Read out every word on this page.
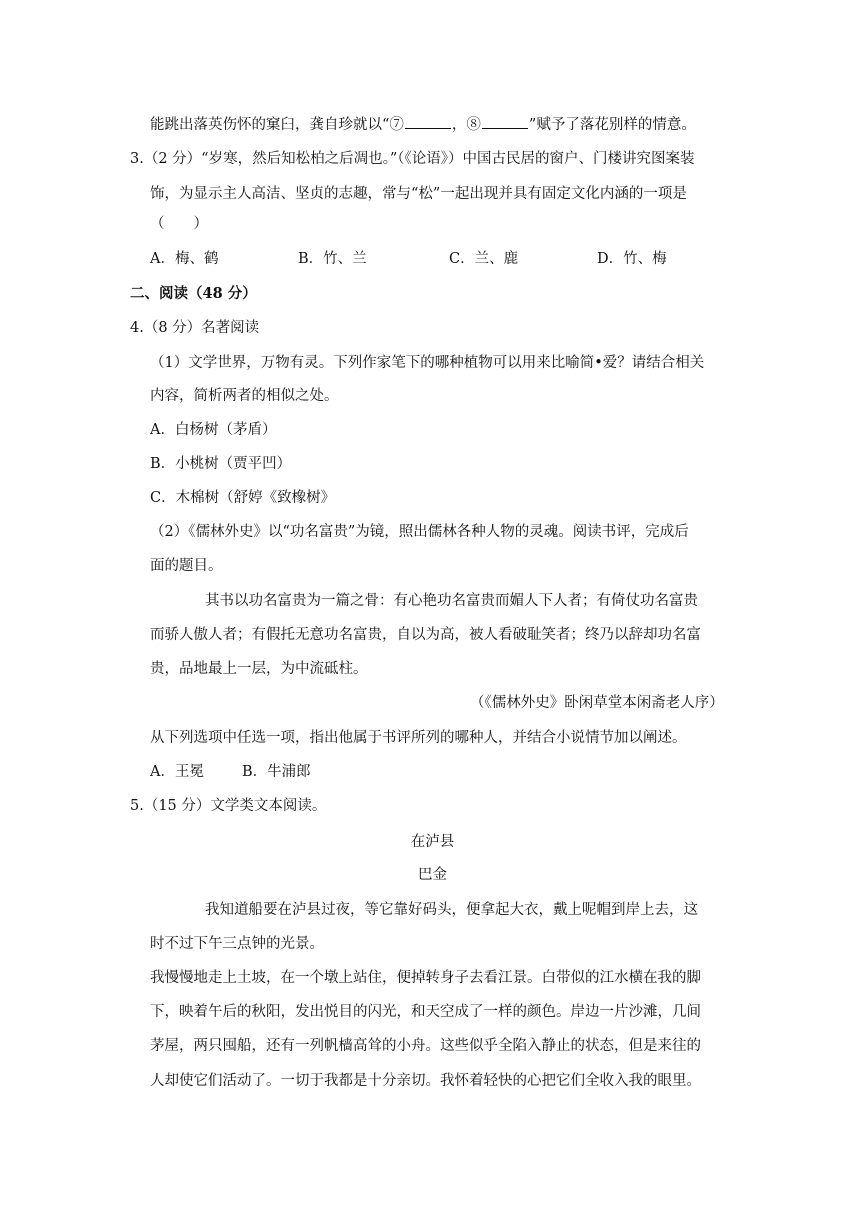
能跳出落英伤怀的窠臼，龚自珍就以“⑦	，⑧	”赋予了落花别样的情意。
3.（2 分）“岁寒，然后知松柏之后凋也。”（《论语》）中国古民居的窗户、门楼讲究图案装
饰，为显示主人高洁、坚贞的志趣，常与“松”一起出现并具有固定文化内涵的一项是
（　　）
A．梅、鹤	B．竹、兰	C．兰、鹿	D．竹、梅
二、阅读（48 分）
4.（8 分）名著阅读
（1）文学世界，万物有灵。下列作家笔下的哪种植物可以用来比喻简•爱？请结合相关
内容，简析两者的相似之处。
A．白杨树（茅盾）
B．小桃树（贾平凹）
C．木棉树（舒婷《致橡树》
（2）《儒林外史》以“功名富贵”为镜，照出儒林各种人物的灵魂。阅读书评，完成后
面的题目。
其书以功名富贵为一篇之骨：有心艳功名富贵而媚人下人者；有倚仗功名富贵
而骄人傲人者；有假托无意功名富贵，自以为高，被人看破耻笑者；终乃以辞却功名富
贵，品地最上一层，为中流砥柱。
（《儒林外史》卧闲草堂本闲斋老人序）
从下列选项中任选一项，指出他属于书评所列的哪种人，并结合小说情节加以阐述。
A．王冕	B．牛浦郎
5.（15 分）文学类文本阅读。
在泸县
巴金
我知道船要在泸县过夜，等它靠好码头，便拿起大衣，戴上呢帽到岸上去，这
时不过下午三点钟的光景。
我慢慢地走上土坡，在一个墩上站住，便掉转身子去看江景。白带似的江水横在我的脚
下，映着午后的秋阳，发出悦目的闪光，和天空成了一样的颜色。岸边一片沙滩，几间
茅屋，两只囤船，还有一列帆樯高耸的小舟。这些似乎全陷入静止的状态，但是来往的
人却使它们活动了。一切于我都是十分亲切。我怀着轻快的心把它们全收入我的眼里。
